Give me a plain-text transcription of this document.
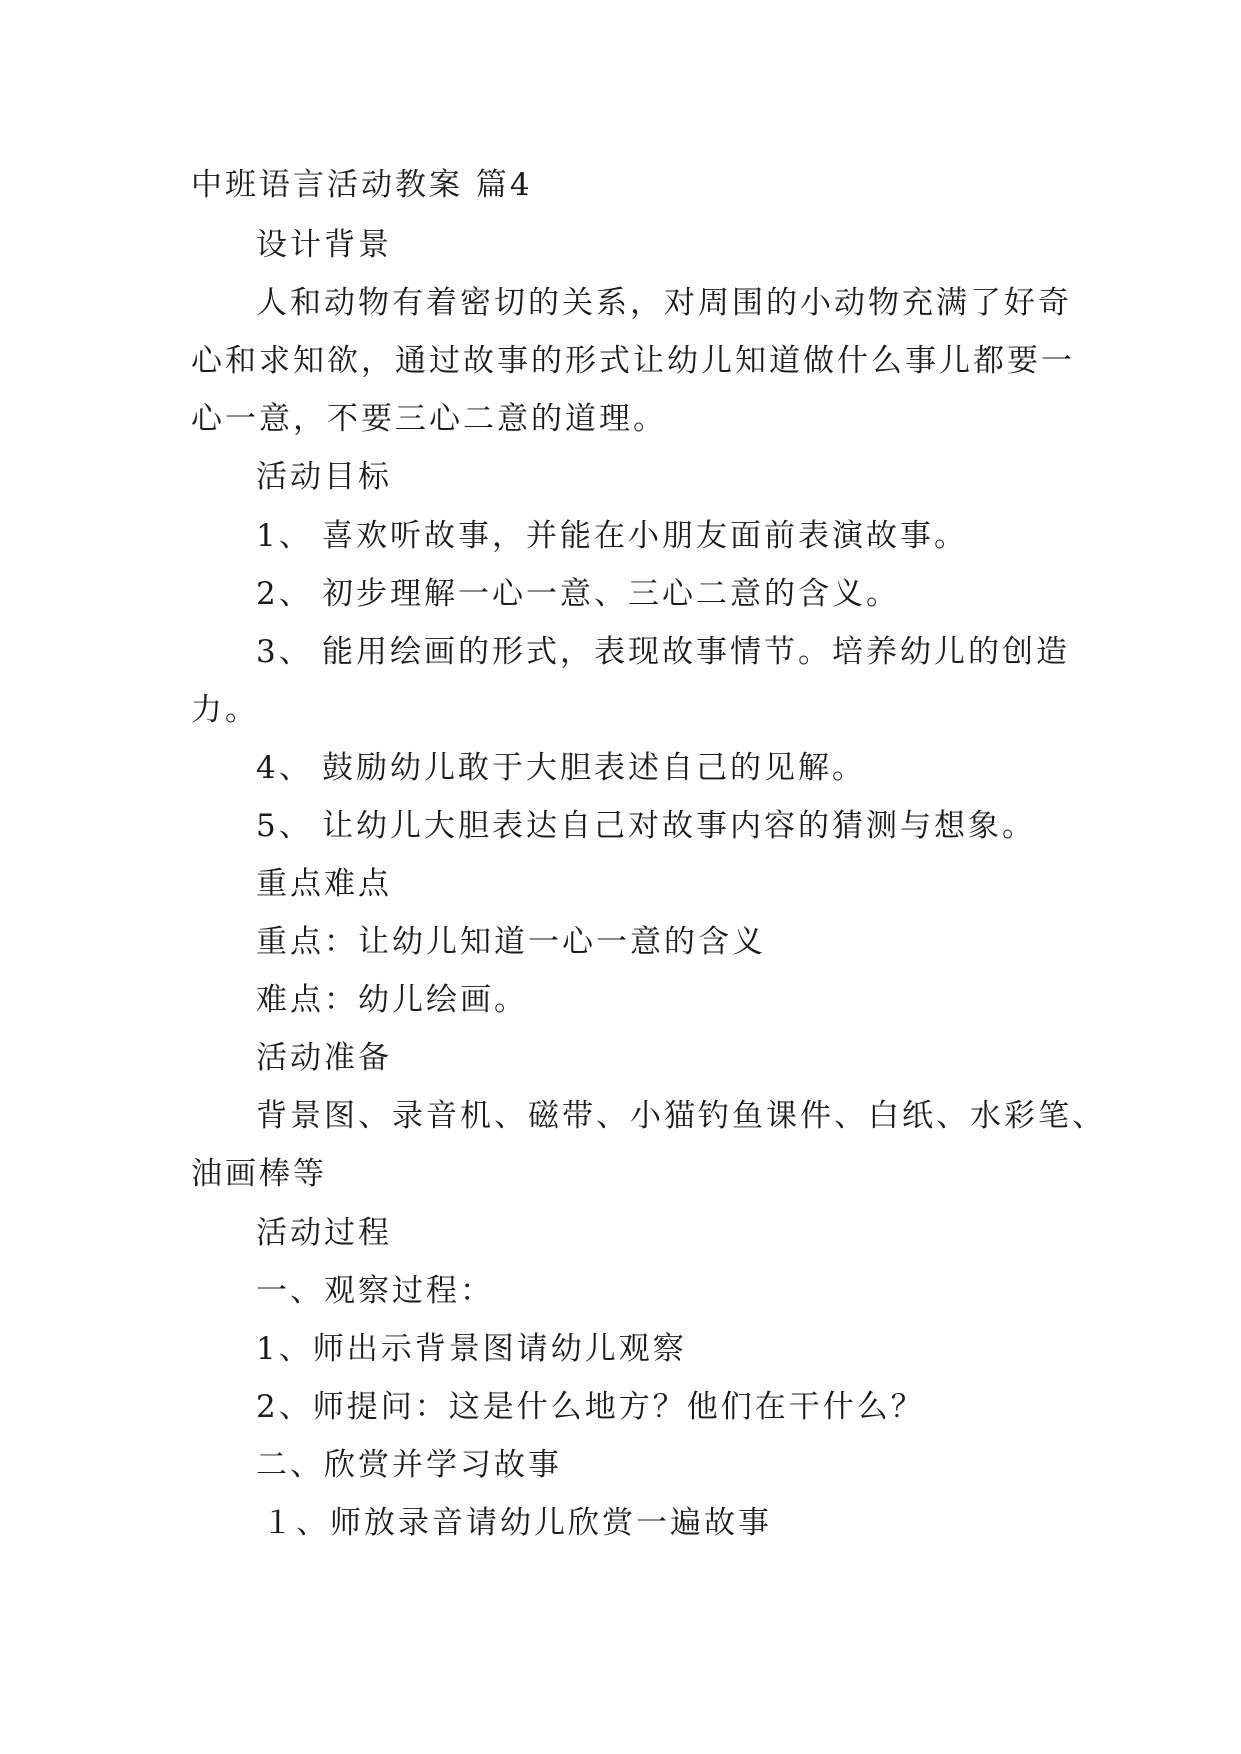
中班语言活动教案 篇4
设计背景
人和动物有着密切的关系，对周围的小动物充满了好奇
心和求知欲，通过故事的形式让幼儿知道做什么事儿都要一
心一意，不要三心二意的道理。
活动目标
1、 喜欢听故事，并能在小朋友面前表演故事。
2、 初步理解一心一意、三心二意的含义。
3、 能用绘画的形式，表现故事情节。培养幼儿的创造
力。
4、 鼓励幼儿敢于大胆表述自己的见解。
5、 让幼儿大胆表达自己对故事内容的猜测与想象。
重点难点
重点：让幼儿知道一心一意的含义
难点：幼儿绘画。
活动准备
背景图、录音机、磁带、小猫钓鱼课件、白纸、水彩笔、
油画棒等
活动过程
一、观察过程：
1、师出示背景图请幼儿观察
2、师提问：这是什么地方？他们在干什么？
二、欣赏并学习故事
１、师放录音请幼儿欣赏一遍故事
